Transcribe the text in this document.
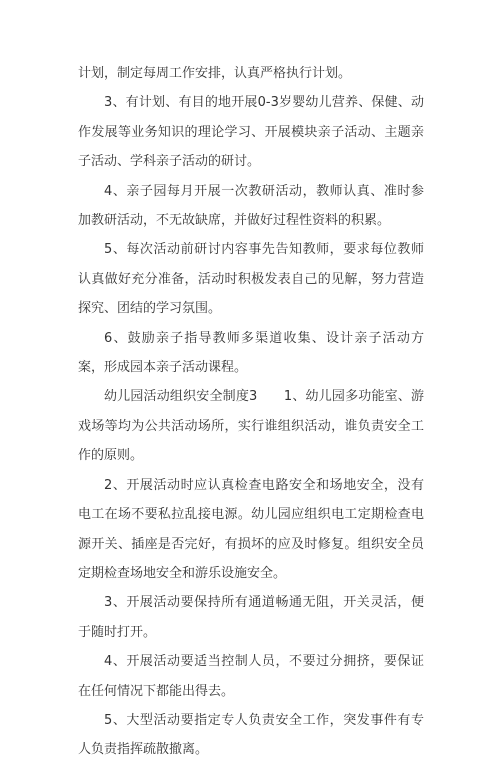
计划，制定每周工作安排，认真严格执行计划。

3、有计划、有目的地开展0-3岁婴幼儿营养、保健、动作发展等业务知识的理论学习、开展模块亲子活动、主题亲子活动、学科亲子活动的研讨。

4、亲子园每月开展一次教研活动，教师认真、准时参加教研活动，不无故缺席，并做好过程性资料的积累。

5、每次活动前研讨内容事先告知教师，要求每位教师认真做好充分准备，活动时积极发表自己的见解，努力营造探究、团结的学习氛围。

6、鼓励亲子指导教师多渠道收集、设计亲子活动方案，形成园本亲子活动课程。

幼儿园活动组织安全制度3　　1、幼儿园多功能室、游戏场等均为公共活动场所，实行谁组织活动，谁负责安全工作的原则。

2、开展活动时应认真检查电路安全和场地安全，没有电工在场不要私拉乱接电源。幼儿园应组织电工定期检查电源开关、插座是否完好，有损坏的应及时修复。组织安全员定期检查场地安全和游乐设施安全。

3、开展活动要保持所有通道畅通无阻，开关灵活，便于随时打开。

4、开展活动要适当控制人员，不要过分拥挤，要保证在任何情况下都能出得去。

5、大型活动要指定专人负责安全工作，突发事件有专人负责指挥疏散撤离。
